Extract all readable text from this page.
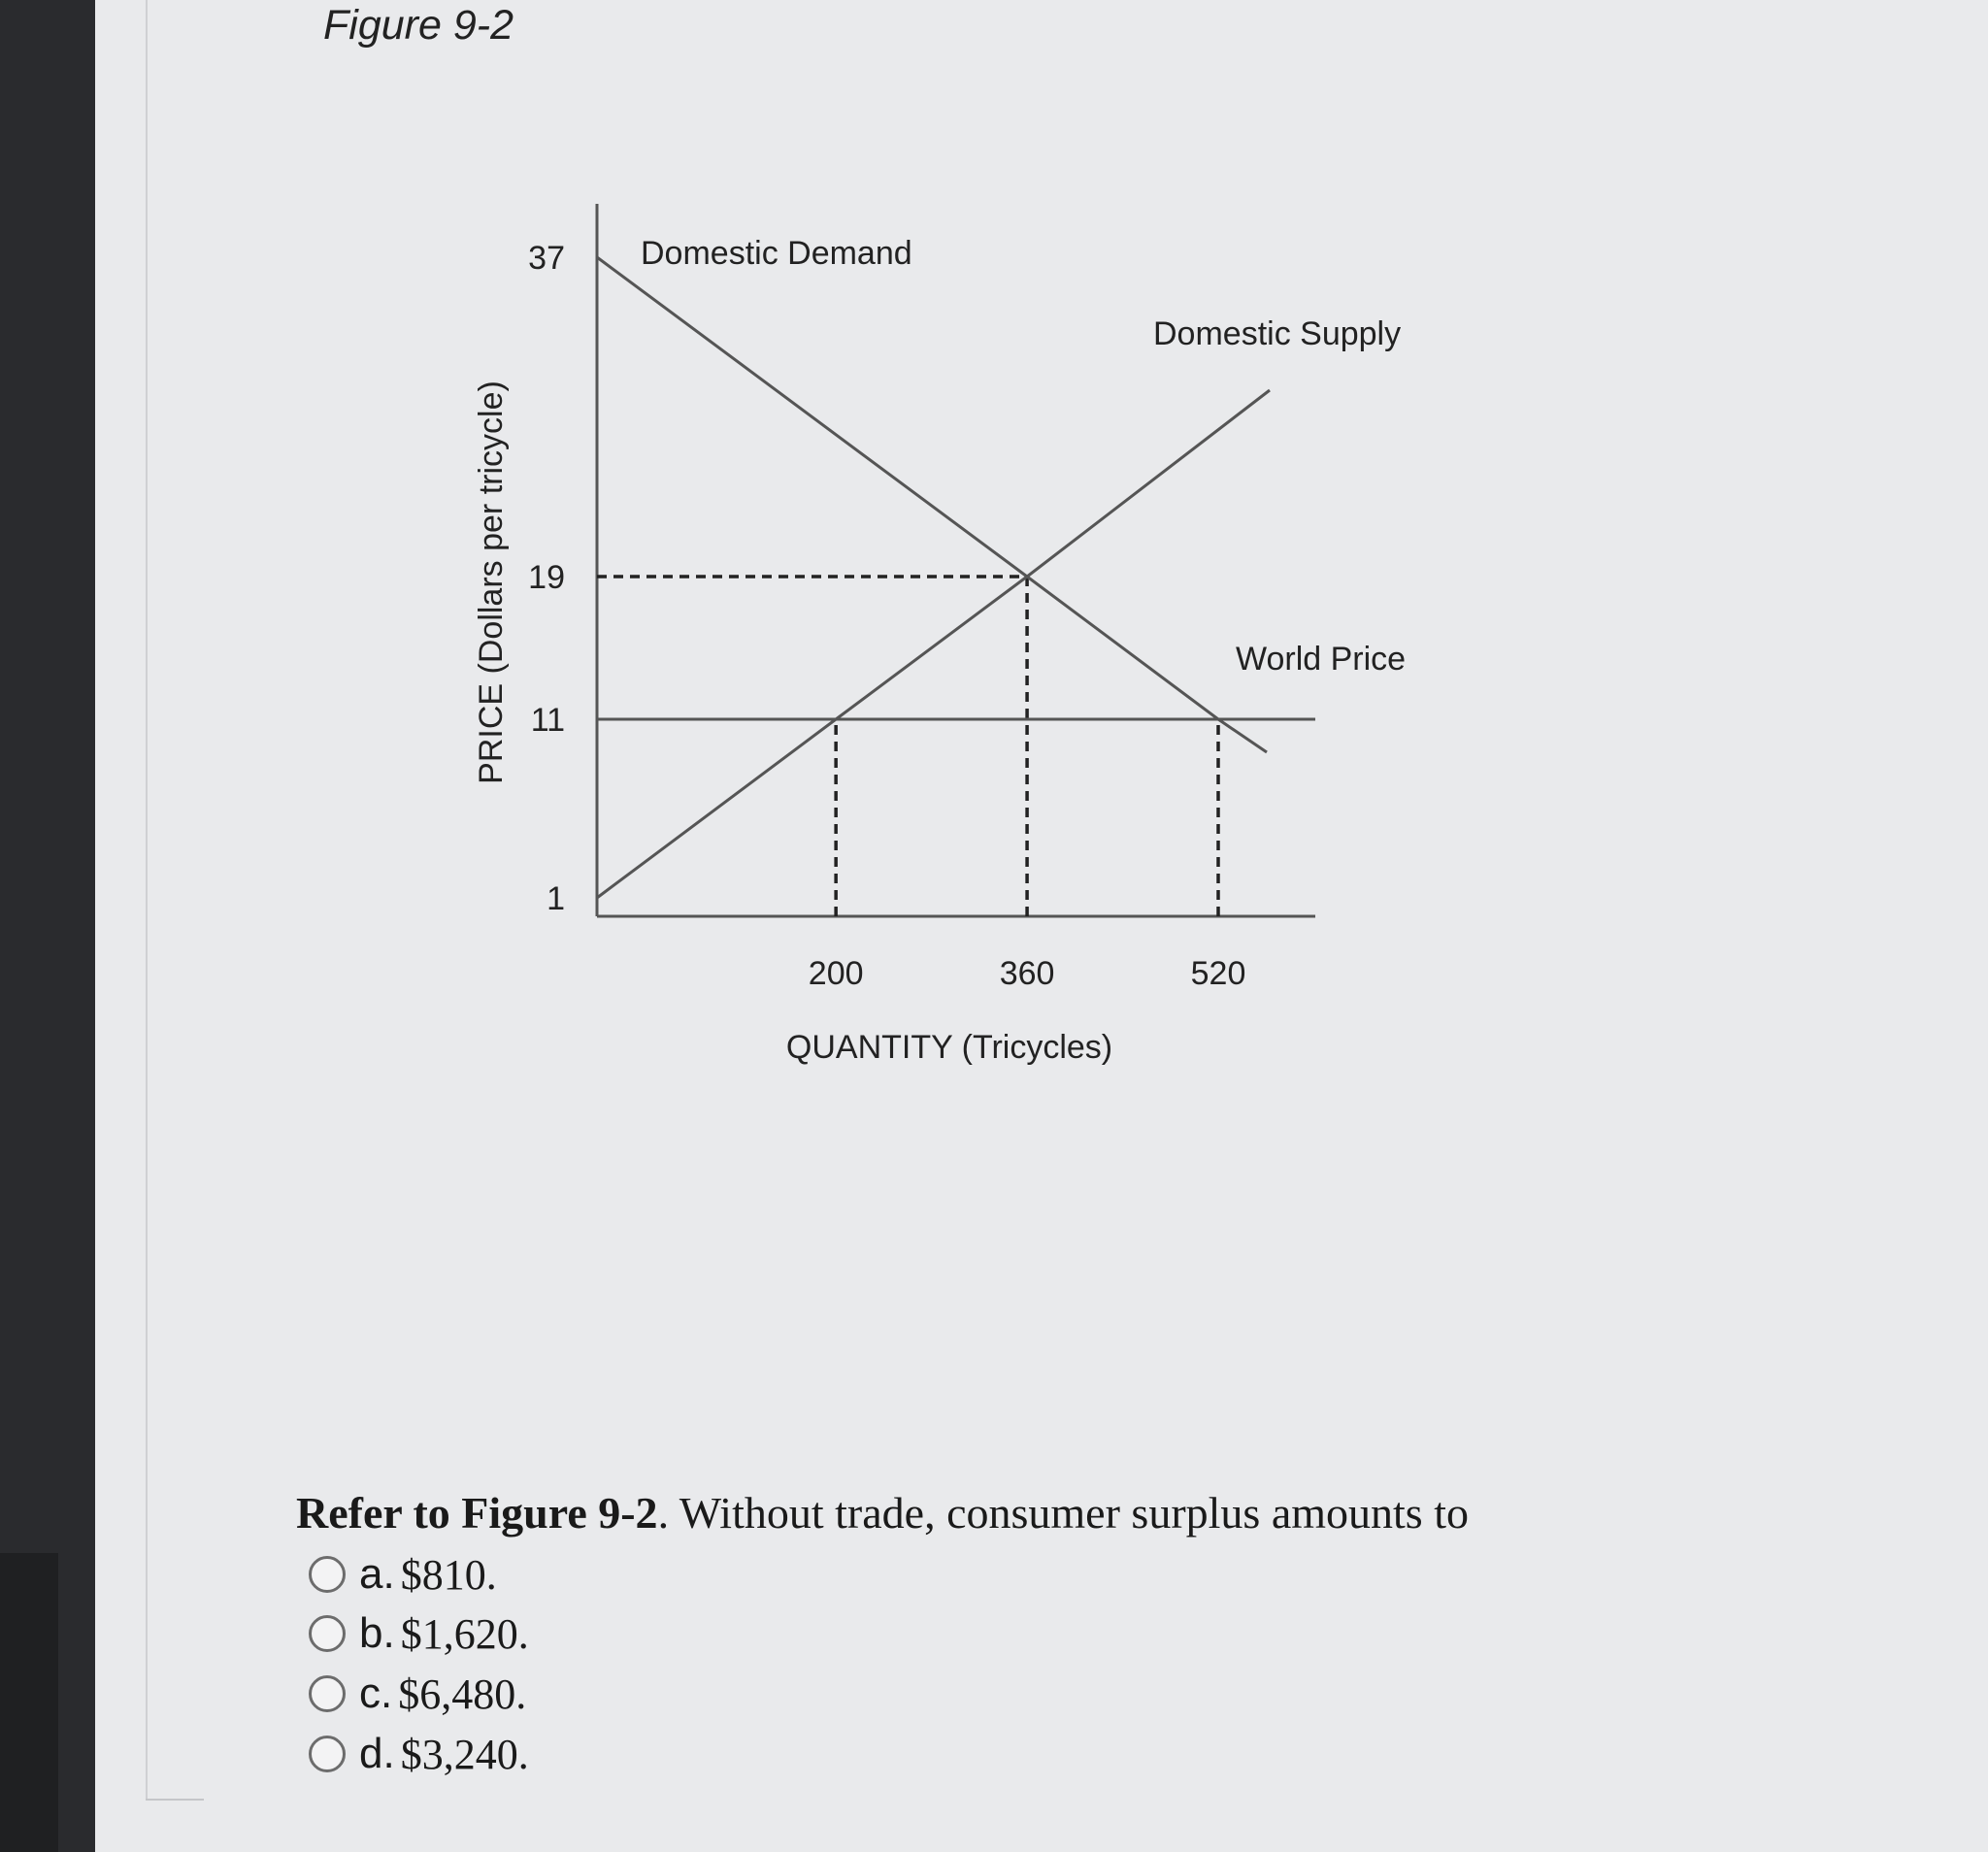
Figure 9-2
Domestic Demand
Domestic Supply
World Price
1
11
19
37
200	360	520
QUANTITY (Tricycles)
PRICE (Dollars per tricycle)
Refer to Figure 9-2. Without trade, consumer surplus amounts to
a. $810.
b. $1,620.
c. $6,480.
d. $3,240.
